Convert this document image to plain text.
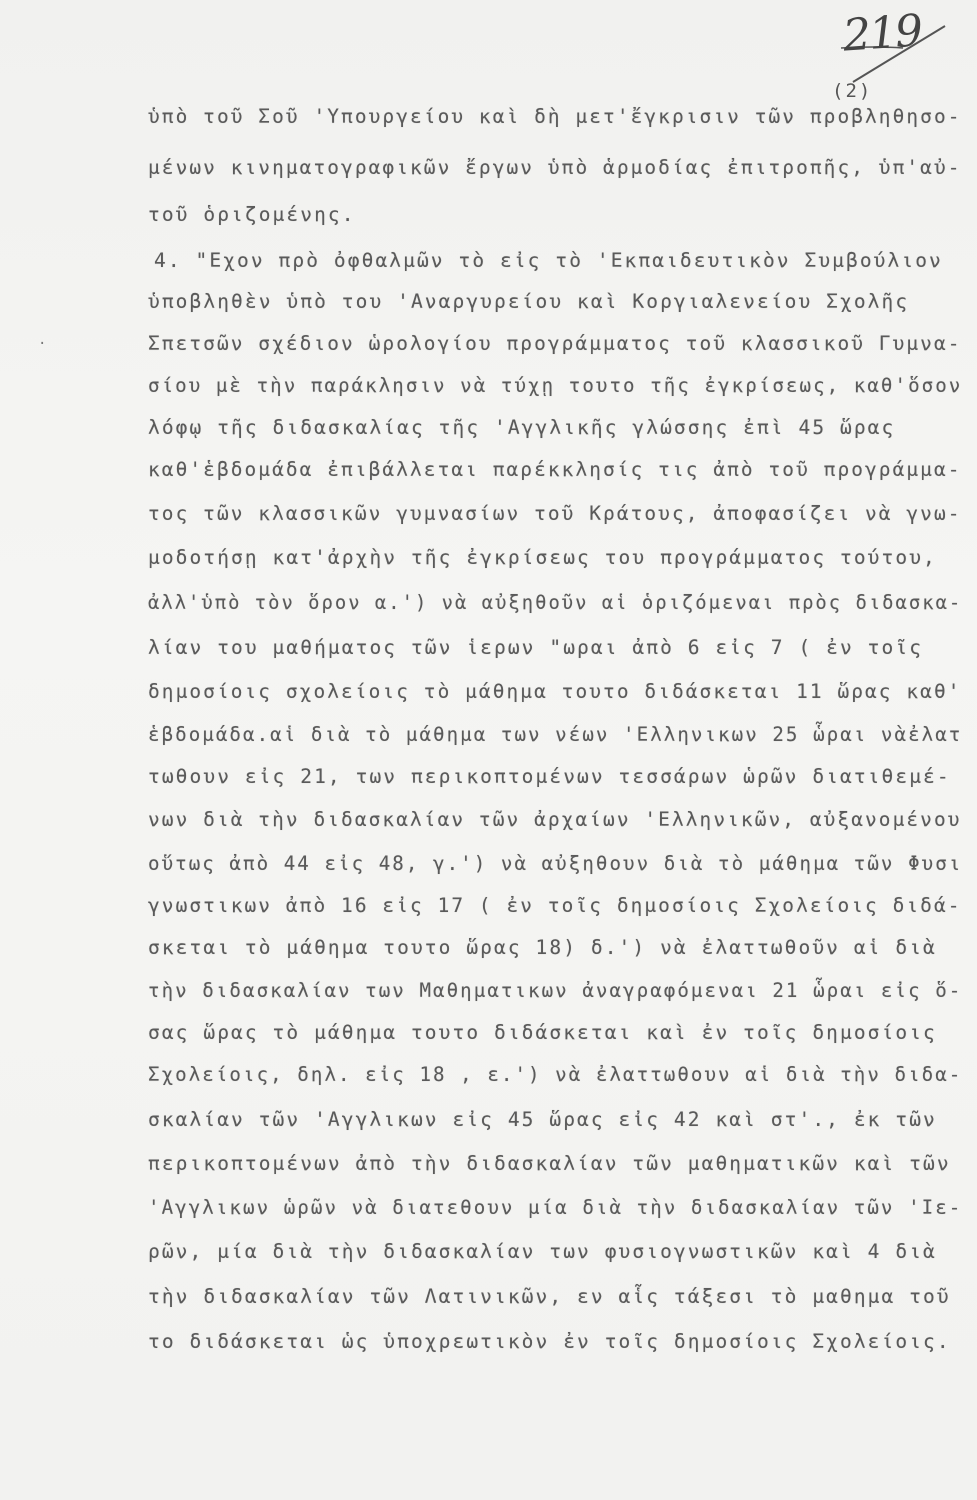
219
(2)
ὑπὸ τοῦ Σοῦ 'Υπουργείου καὶ δὴ μετ'ἔγκρισιν τῶν προβληθησο-
μένων κινηματογραφικῶν ἔργων ὑπὸ ἁρμοδίας ἐπιτροπῆς, ὑπ'αὐ-
τοῦ ὁριζομένης.
4. "Εχον πρὸ ὀφθαλμῶν τὸ εἰς τὸ 'Εκπαιδευτικὸν Συμβούλιον
ὑποβληθὲν ὑπὸ του 'Αναργυρείου καὶ Κοργιαλενείου Σχολῆς
Σπετσῶν σχέδιον ὡρολογίου προγράμματος τοῦ κλασσικοῦ Γυμνα-
σίου μὲ τὴν παράκλησιν νὰ τύχῃ τουτο τῆς ἐγκρίσεως, καθ'ὅσον
λόφῳ τῆς διδασκαλίας τῆς 'Αγγλικῆς γλώσσης ἐπὶ 45 ὥρας
καθ'ἑβδομάδα ἐπιβάλλεται παρέκκλησίς τις ἀπὸ τοῦ προγράμμα-
τος τῶν κλασσικῶν γυμνασίων τοῦ Κράτους, ἀποφασίζει νὰ γνω-
μοδοτήσῃ κατ'ἀρχὴν τῆς ἐγκρίσεως του προγράμματος τούτου,
ἀλλ'ὑπὸ τὸν ὅρον α.') νὰ αὐξηθοῦν αἱ ὁριζόμεναι πρὸς διδασκα-
λίαν του μαθήματος τῶν ἱερων "ωραι ἀπὸ 6 εἰς 7 ( ἐν τοῖς
δημοσίοις σχολείοις τὸ μάθημα τουτο διδάσκεται 11 ὥρας καθ'
ἑβδομάδα.αἱ διὰ τὸ μάθημα των νέων 'Ελληνικων 25 ὧραι νὰἐλατ
τωθουν εἰς 21, των περικοπτομένων τεσσάρων ὡρῶν διατιθεμέ-
νων διὰ τὴν διδασκαλίαν τῶν ἀρχαίων 'Ελληνικῶν, αὐξανομένου
οὕτως ἀπὸ 44 εἰς 48, γ.') νὰ αὐξηθουν διὰ τὸ μάθημα τῶν Φυσι
γνωστικων ἀπὸ 16 εἰς 17 ( ἐν τοῖς δημοσίοις Σχολείοις διδά-
σκεται τὸ μάθημα τουτο ὥρας 18) δ.') νὰ ἐλαττωθοῦν αἱ διὰ
τὴν διδασκαλίαν των Μαθηματικων ἀναγραφόμεναι 21 ὧραι εἰς ὅ-
σας ὥρας τὸ μάθημα τουτο διδάσκεται καὶ ἐν τοῖς δημοσίοις
Σχολείοις, δηλ. εἰς 18 , ε.') νὰ ἐλαττωθουν αἱ διὰ τὴν διδα-
σκαλίαν τῶν 'Αγγλικων εἰς 45 ὥρας εἰς 42 καὶ στ'., ἐκ τῶν
περικοπτομένων ἀπὸ τὴν διδασκαλίαν τῶν μαθηματικῶν καὶ τῶν
'Αγγλικων ὡρῶν νὰ διατεθουν μία διὰ τὴν διδασκαλίαν τῶν 'Ιε-
ρῶν, μία διὰ τὴν διδασκαλίαν των φυσιογνωστικῶν καὶ 4 διὰ
τὴν διδασκαλίαν τῶν Λατινικῶν, εν αἷς τάξεσι τὸ μαθημα τοῦ
το διδάσκεται ὡς ὑποχρεωτικὸν ἐν τοῖς δημοσίοις Σχολείοις.
.
